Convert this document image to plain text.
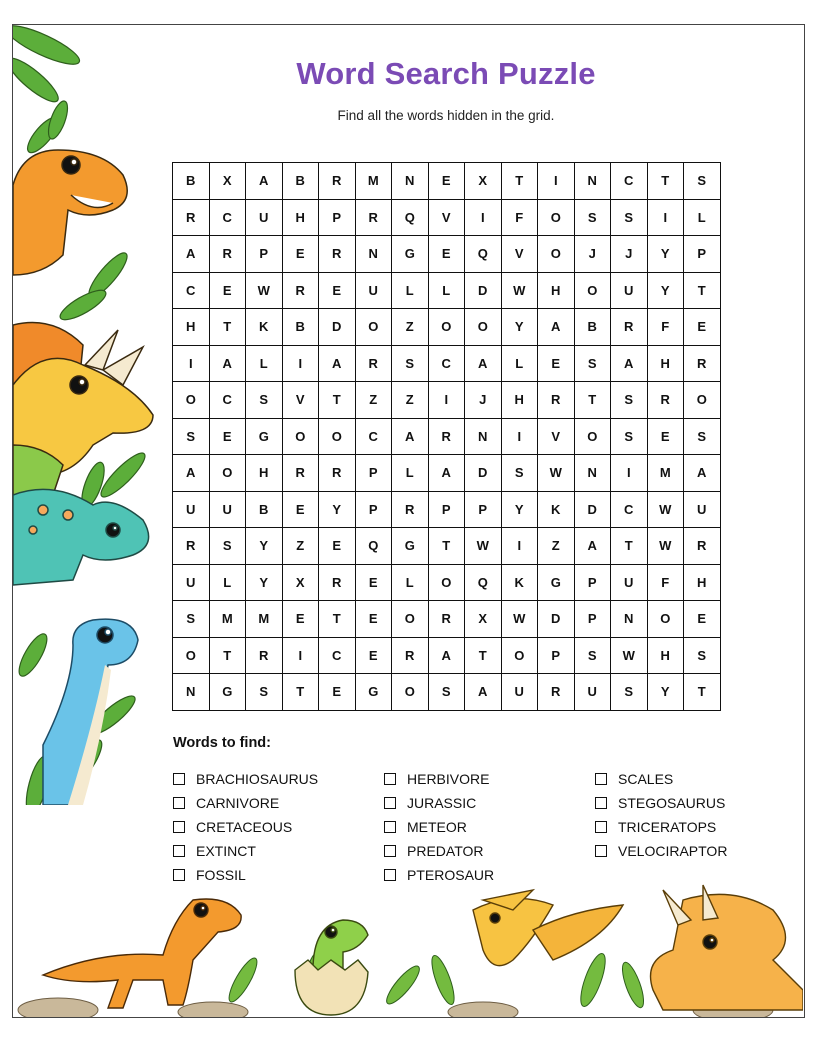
Word Search Puzzle
Find all the words hidden in the grid.
B	X	A	B	R	M	N	E	X	T	I	N	C	T	S
R	C	U	H	P	R	Q	V	I	F	O	S	S	I	L
A	R	P	E	R	N	G	E	Q	V	O	J	J	Y	P
C	E	W	R	E	U	L	L	D	W	H	O	U	Y	T
H	T	K	B	D	O	Z	O	O	Y	A	B	R	F	E
I	A	L	I	A	R	S	C	A	L	E	S	A	H	R
O	C	S	V	T	Z	Z	I	J	H	R	T	S	R	O
S	E	G	O	O	C	A	R	N	I	V	O	S	E	S
A	O	H	R	R	P	L	A	D	S	W	N	I	M	A
U	U	B	E	Y	P	R	P	P	Y	K	D	C	W	U
R	S	Y	Z	E	Q	G	T	W	I	Z	A	T	W	R
U	L	Y	X	R	E	L	O	Q	K	G	P	U	F	H
S	M	M	E	T	E	O	R	X	W	D	P	N	O	E
O	T	R	I	C	E	R	A	T	O	P	S	W	H	S
N	G	S	T	E	G	O	S	A	U	R	U	S	Y	T
Words to find:
BRACHIOSAURUS
CARNIVORE
CRETACEOUS
EXTINCT
FOSSIL
HERBIVORE
JURASSIC
METEOR
PREDATOR
PTEROSAUR
SCALES
STEGOSAURUS
TRICERATOPS
VELOCIRAPTOR
